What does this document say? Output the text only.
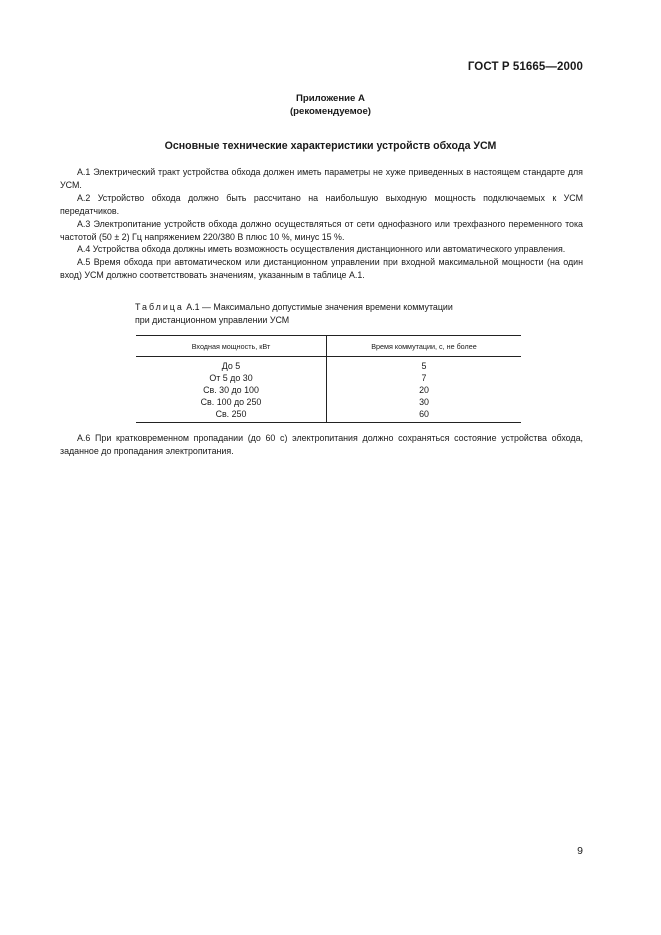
ГОСТ Р 51665—2000
Приложение А
(рекомендуемое)
Основные технические характеристики устройств обхода УСМ

А.1 Электрический тракт устройства обхода должен иметь параметры не хуже приведенных в настоящем стандарте для УСМ.

А.2 Устройство обхода должно быть рассчитано на наибольшую выходную мощность подключаемых к УСМ передатчиков.

А.3 Электропитание устройств обхода должно осуществляться от сети однофазного или трехфазного переменного тока частотой (50 ± 2) Гц напряжением 220/380 В плюс 10 %, минус 15 %.

А.4 Устройства обхода должны иметь возможность осуществления дистанционного или автоматического управления.

А.5 Время обхода при автоматическом или дистанционном управлении при входной максимальной мощности (на один вход) УСМ должно соответствовать значениям, указанным в таблице А.1.

Таблица А.1 — Максимально допустимые значения времени коммутации
при дистанционном управлении УСМ
Входная мощность, кВт	Время коммутации, с, не более
До 5	5
От 5 до 30	7
Св. 30 до 100	20
Св. 100 до 250	30
Св. 250	60

А.6 При кратковременном пропадании (до 60 с) электропитания должно сохраняться состояние устройства обхода, заданное до пропадания электропитания.

9
